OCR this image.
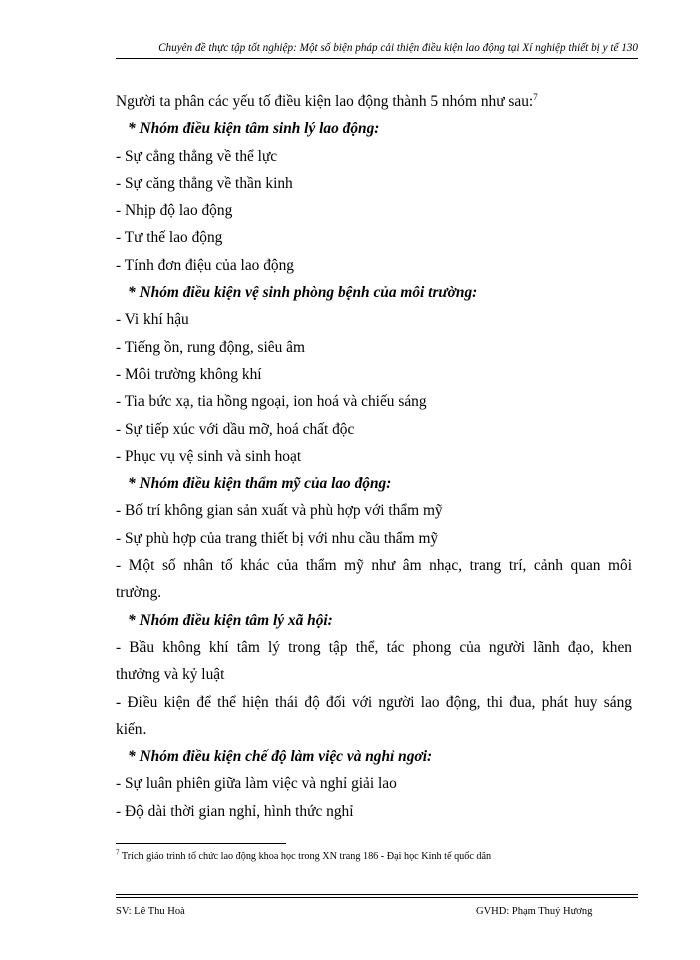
Chuyên đề thực tập tốt nghiệp: Một số biện pháp cải thiện điều kiện lao động tại Xí nghiệp thiết bị y tế 130
Người ta phân các yếu tố điều kiện lao động thành 5 nhóm như sau:$^7$
* Nhóm điều kiện tâm sinh lý lao động:
- Sự cẳng thẳng về thể lực
- Sự căng thẳng về thần kinh
- Nhịp độ lao động
- Tư thế lao động
- Tính đơn điệu của lao động
* Nhóm điều kiện vệ sinh phòng bệnh của môi trường:
- Vi khí hậu
- Tiếng ồn, rung động, siêu âm
- Môi trường không khí
- Tia bức xạ, tia hồng ngoại, ion hoá và chiếu sáng
- Sự tiếp xúc với dầu mỡ, hoá chất độc
- Phục vụ vệ sinh và sinh hoạt
* Nhóm điều kiện thẩm mỹ của lao động:
- Bố trí không gian sản xuất và phù hợp với thẩm mỹ
- Sự phù hợp của trang thiết bị với nhu cầu thẩm mỹ
- Một số nhân tố khác của thẩm mỹ như âm nhạc, trang trí, cảnh quan môi
trường.
* Nhóm điều kiện tâm lý xã hội:
- Bầu không khí tâm lý trong tập thể, tác phong của người lãnh đạo, khen
thưởng và kỷ luật
- Điều kiện để thể hiện thái độ đối với người lao động, thi đua, phát huy sáng
kiến.
* Nhóm điều kiện chế độ làm việc và nghỉ ngơi:
- Sự luân phiên giữa làm việc và nghỉ giải lao
- Độ dài thời gian nghỉ, hình thức nghỉ
$^7$ Trích giáo trình tổ chức lao động khoa học trong XN trang 186 - Đại học Kinh tế quốc dân
SV: Lê Thu Hoà	GVHD: Phạm Thuý Hương
